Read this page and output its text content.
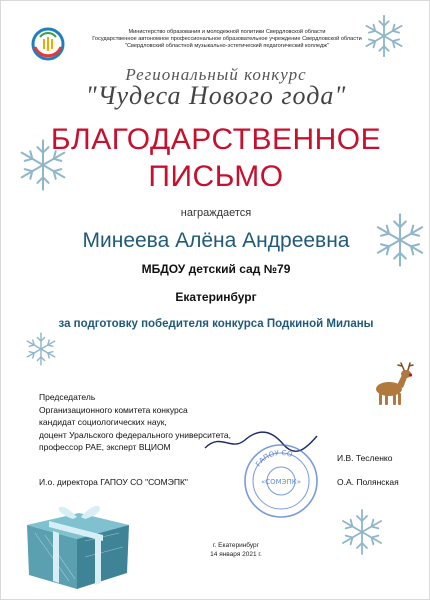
Министерство образования и молодежной политики Свердловской области
Государственное автономное профессиональное образовательное учреждение Свердловской области
"Свердловский областной музыкально-эстетический педагогический колледж"
Региональный конкурс
"Чудеса Нового года"
БЛАГОДАРСТВЕННОЕ
ПИСЬМО
награждается
Минеева Алёна Андреевна
МБДОУ детский сад №79
Екатеринбург
за подготовку победителя конкурса Подкиной Миланы
Председатель
Организационного комитета конкурса
кандидат социологических наук,
доцент Уральского федерального университета,
профессор РАЕ, эксперт ВЦИОМ
И.В. Тесленко
И.о. директора ГАПОУ СО "СОМЭПК"	О.А. Полянская
ГАПОУ СО
«СОМЭПК»
г. Екатеринбург
14 января 2021 г.
